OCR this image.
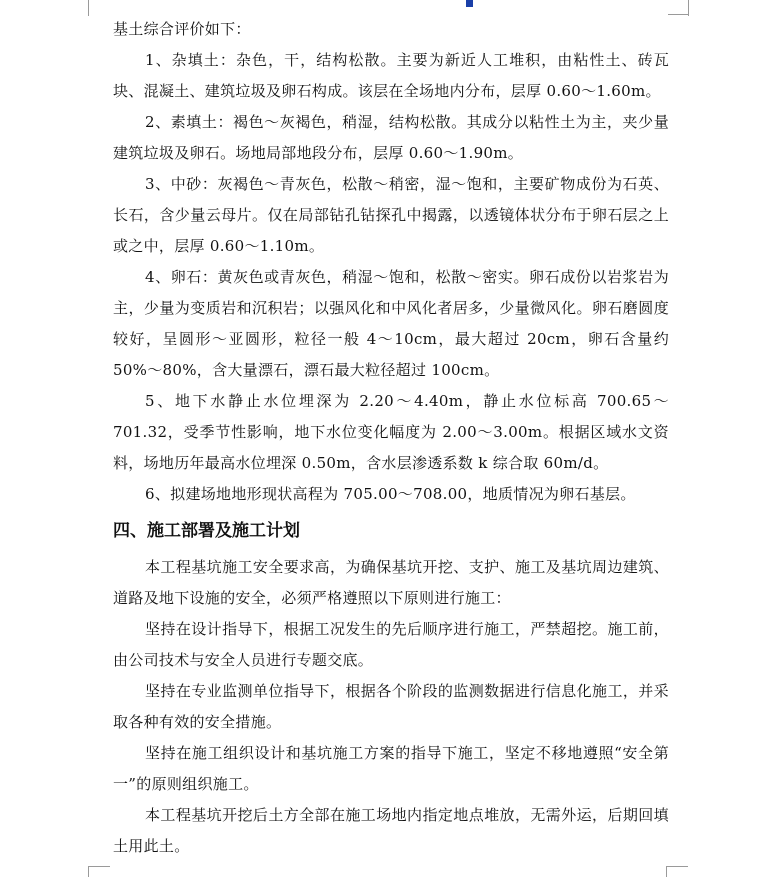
基土综合评价如下：

1、杂填土：杂色，干，结构松散。主要为新近人工堆积，由粘性土、砖瓦块、混凝土、建筑垃圾及卵石构成。该层在全场地内分布，层厚 0.60～1.60m。

2、素填土：褐色～灰褐色，稍湿，结构松散。其成分以粘性土为主，夹少量建筑垃圾及卵石。场地局部地段分布，层厚 0.60～1.90m。

3、中砂：灰褐色～青灰色，松散～稍密，湿～饱和，主要矿物成份为石英、长石，含少量云母片。仅在局部钻孔钻探孔中揭露，以透镜体状分布于卵石层之上或之中，层厚 0.60～1.10m。

4、卵石：黄灰色或青灰色，稍湿～饱和，松散～密实。卵石成份以岩浆岩为主，少量为变质岩和沉积岩；以强风化和中风化者居多，少量微风化。卵石磨圆度较好，呈圆形～亚圆形，粒径一般 4～10cm，最大超过 20cm，卵石含量约 50%～80%，含大量漂石，漂石最大粒径超过 100cm。

5、地下水静止水位埋深为 2.20～4.40m，静止水位标高 700.65～701.32，受季节性影响，地下水位变化幅度为 2.00～3.00m。根据区域水文资料，场地历年最高水位埋深 0.50m，含水层渗透系数 k 综合取 60m/d。

6、拟建场地地形现状高程为 705.00～708.00，地质情况为卵石基层。

四、施工部署及施工计划

本工程基坑施工安全要求高，为确保基坑开挖、支护、施工及基坑周边建筑、道路及地下设施的安全，必须严格遵照以下原则进行施工：

坚持在设计指导下，根据工况发生的先后顺序进行施工，严禁超挖。施工前，由公司技术与安全人员进行专题交底。

坚持在专业监测单位指导下，根据各个阶段的监测数据进行信息化施工，并采取各种有效的安全措施。

坚持在施工组织设计和基坑施工方案的指导下施工，坚定不移地遵照“安全第一”的原则组织施工。

本工程基坑开挖后土方全部在施工场地内指定地点堆放，无需外运，后期回填土用此土。
